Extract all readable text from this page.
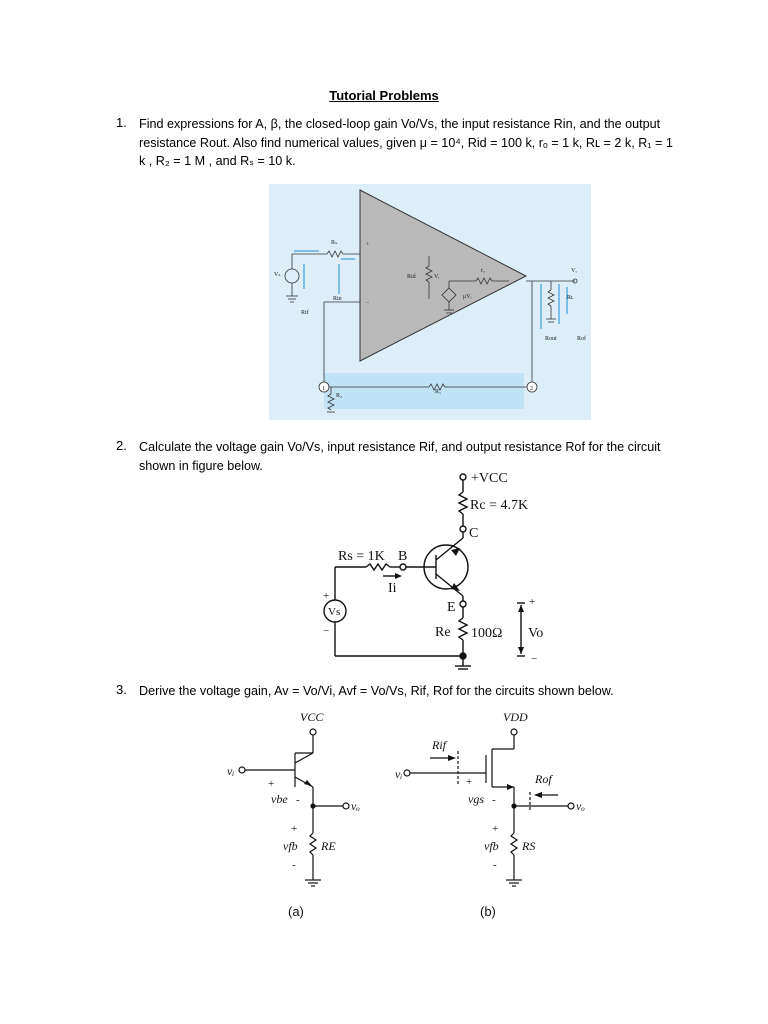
Tutorial Problems
1. Find expressions for A, β, the closed-loop gain Vo/Vs, the input resistance Rin, and the output
resistance Rout. Also find numerical values, given μ = 10⁴, Rid = 100 k, rₒ = 1 k, Rʟ = 2 k, R₁ = 1
k , R₂ = 1 M , and Rₛ = 10 k.
Rₛ
Vₛ
Rif
Rin
Rid	Vᵢ
μVᵢ
rₒ	Vₒ
Rʟ
Rout	Rof
R₁
R₂
1	2
+
−
2. Calculate the voltage gain Vo/Vs, input resistance Rif, and output resistance Rof for the circuit
shown in figure below.
+VCC
Rc = 4.7K
C
Rs = 1K B
Ii
Vs	E
Re 100Ω Vo
+
−
+
−
3. Derive the voltage gain, Av = Vo/Vi, Avf = Vo/Vs, Rif, Rof for the circuits shown below.
VCC
vᵢ
vbe	vₒ
vfb RE
+
-
+
-
(a)
VDD
Rif
vᵢ	Rof
vgs	vₒ
vfb RS
+
-
+
-
(b)
